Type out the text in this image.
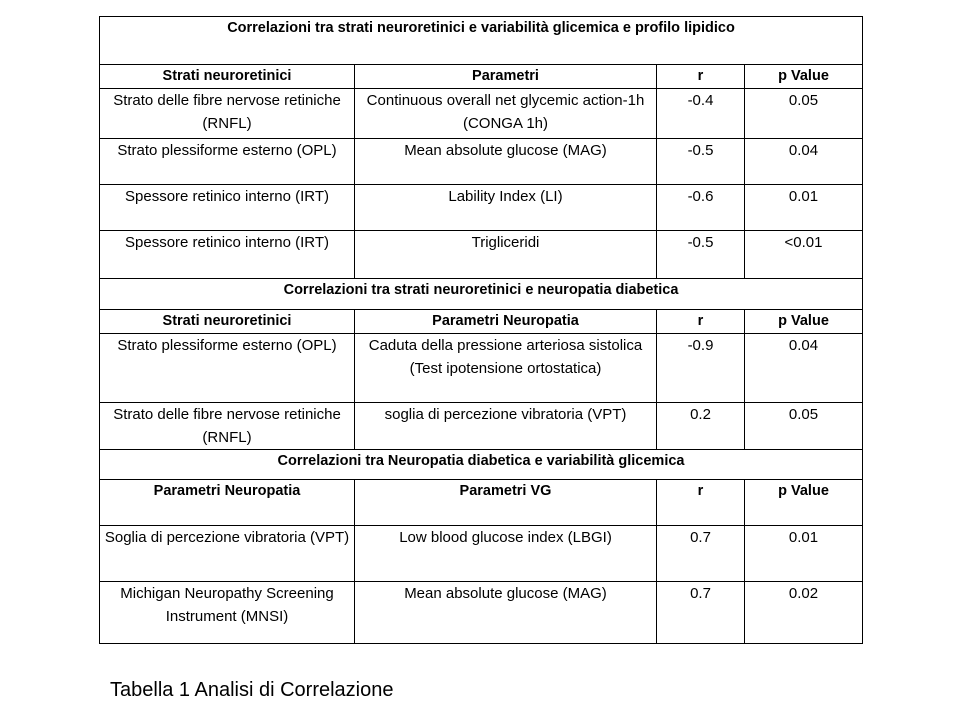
Correlazioni tra strati neuroretinici e variabilità glicemica e profilo lipidico			
Strati neuroretinici	Parametri	r	p Value
Strato delle fibre nervose retiniche (RNFL)	Continuous overall net glycemic action-1h (CONGA 1h)	-0.4	0.05
Strato plessiforme esterno (OPL)	Mean absolute glucose (MAG)	-0.5	0.04
Spessore retinico interno (IRT)	Lability Index (LI)	-0.6	0.01
Spessore retinico interno (IRT)	Trigliceridi	-0.5	<0.01
Correlazioni tra strati neuroretinici e neuropatia diabetica			
Strati neuroretinici	Parametri Neuropatia	r	p Value
Strato plessiforme esterno (OPL)	Caduta della pressione arteriosa sistolica (Test ipotensione ortostatica)	-0.9	0.04
Strato delle fibre nervose retiniche (RNFL)	soglia di percezione vibratoria (VPT)	0.2	0.05
Correlazioni tra Neuropatia diabetica e variabilità glicemica			
Parametri Neuropatia	Parametri VG	r	p Value
Soglia di percezione vibratoria (VPT)	Low blood glucose index (LBGI)	0.7	0.01
Michigan Neuropathy Screening Instrument (MNSI)	Mean absolute glucose (MAG)	0.7	0.02
Tabella 1 Analisi di Correlazione
